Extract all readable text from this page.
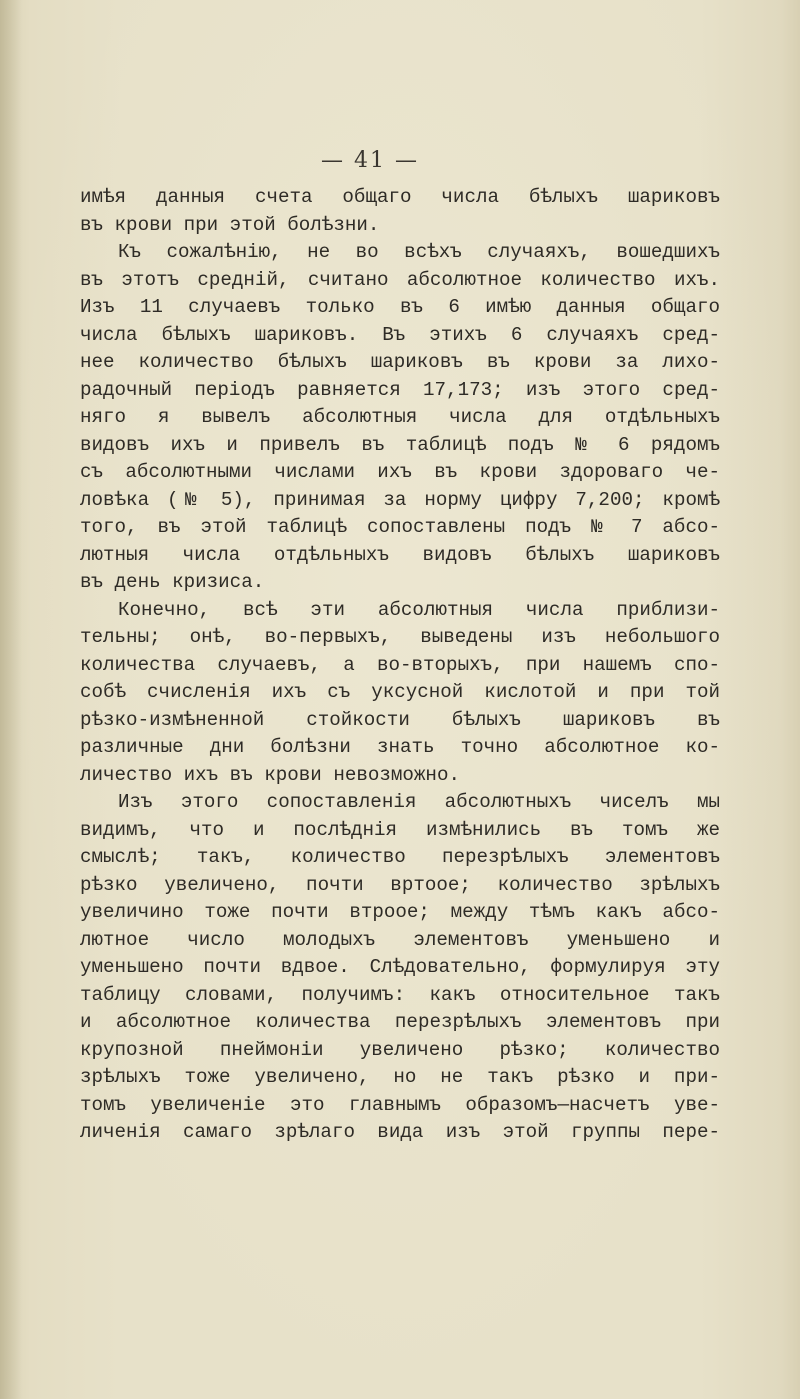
— 41 —
имѣя данныя счета общаго числа бѣлыхъ шариковъ
въ крови при этой болѣзни.
Къ сожалѣнію, не во всѣхъ случаяхъ, вошедшихъ
въ этотъ средній, считано абсолютное количество ихъ.
Изъ 11 случаевъ только въ 6 имѣю данныя общаго
числа бѣлыхъ шариковъ. Въ этихъ 6 случаяхъ сред-
нее количество бѣлыхъ шариковъ въ крови за лихо-
радочный періодъ равняется 17,173; изъ этого сред-
няго я вывелъ абсолютныя числа для отдѣльныхъ
видовъ ихъ и привелъ въ таблицѣ подъ № 6 рядомъ
съ абсолютными числами ихъ въ крови здороваго че-
ловѣка (№ 5), принимая за норму цифру 7,200; кромѣ
того, въ этой таблицѣ сопоставлены подъ № 7 абсо-
лютныя числа отдѣльныхъ видовъ бѣлыхъ шариковъ
въ день кризиса.
Конечно, всѣ эти абсолютныя числа приблизи-
тельны; онѣ, во-первыхъ, выведены изъ небольшого
количества случаевъ, а во-вторыхъ, при нашемъ спо-
собѣ счисленія ихъ съ уксусной кислотой и при той
рѣзко-измѣненной стойкости бѣлыхъ шариковъ въ
различные дни болѣзни знать точно абсолютное ко-
личество ихъ въ крови невозможно.
Изъ этого сопоставленія абсолютныхъ чиселъ мы
видимъ, что и послѣднія измѣнились въ томъ же
смыслѣ; такъ, количество перезрѣлыхъ элементовъ
рѣзко увеличено, почти вртоое; количество зрѣлыхъ
увеличино тоже почти втроое; между тѣмъ какъ абсо-
лютное число молодыхъ элементовъ уменьшено и
уменьшено почти вдвое. Слѣдовательно, формулируя эту
таблицу словами, получимъ: какъ относительное такъ
и абсолютное количества перезрѣлыхъ элементовъ при
крупозной пнеймоніи увеличено рѣзко; количество
зрѣлыхъ тоже увеличено, но не такъ рѣзко и при-
томъ увеличеніе это главнымъ образомъ—насчетъ уве-
личенія самаго зрѣлаго вида изъ этой группы пере-
